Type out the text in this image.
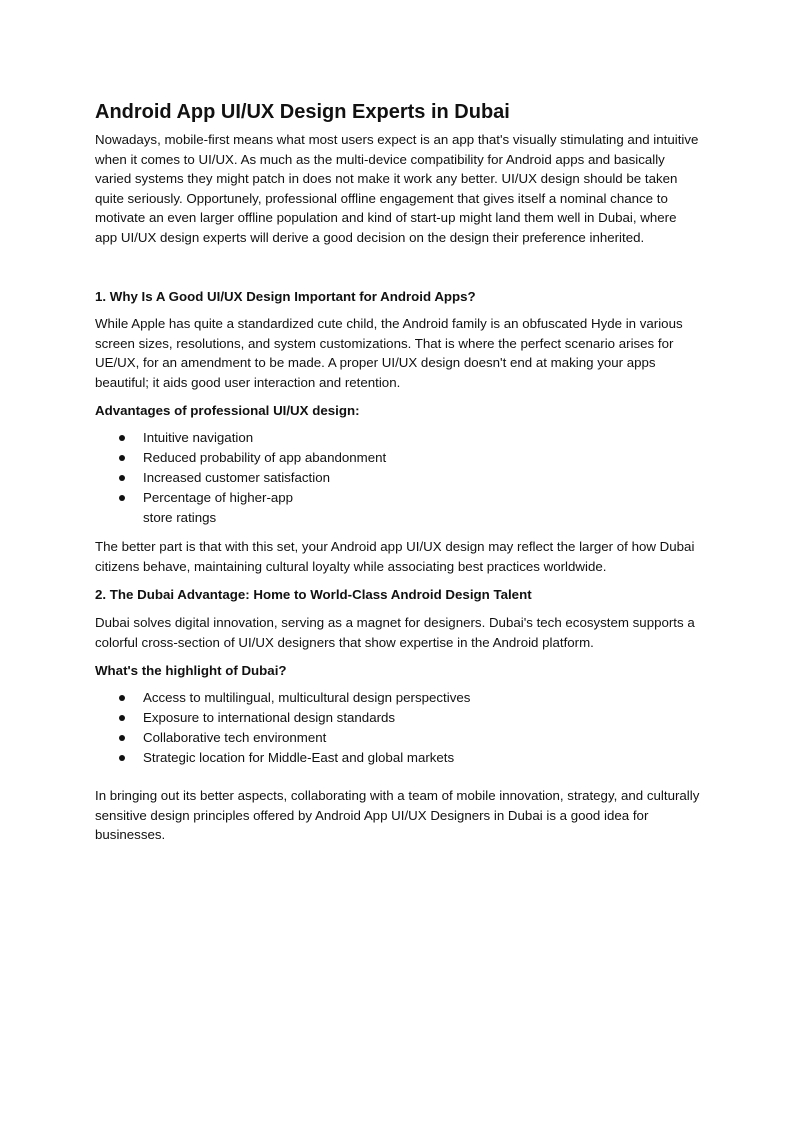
Android App UI/UX Design Experts in Dubai

Nowadays, mobile-first means what most users expect is an app that's visually stimulating and intuitive when it comes to UI/UX. As much as the multi-device compatibility for Android apps and basically varied systems they might patch in does not make it work any better. UI/UX design should be taken quite seriously. Opportunely, professional offline engagement that gives itself a nominal chance to motivate an even larger offline population and kind of start-up might land them well in Dubai, where app UI/UX design experts will derive a good decision on the design their preference inherited.

1. Why Is A Good UI/UX Design Important for Android Apps?

While Apple has quite a standardized cute child, the Android family is an obfuscated Hyde in various screen sizes, resolutions, and system customizations. That is where the perfect scenario arises for UE/UX, for an amendment to be made. A proper UI/UX design doesn't end at making your apps beautiful; it aids good user interaction and retention.

Advantages of professional UI/UX design:
Intuitive navigation
Reduced probability of app abandonment
Increased customer satisfaction
Percentage of higher-app store ratings

The better part is that with this set, your Android app UI/UX design may reflect the larger of how Dubai citizens behave, maintaining cultural loyalty while associating best practices worldwide.

2. The Dubai Advantage: Home to World-Class Android Design Talent

Dubai solves digital innovation, serving as a magnet for designers. Dubai's tech ecosystem supports a colorful cross-section of UI/UX designers that show expertise in the Android platform.

What's the highlight of Dubai?
Access to multilingual, multicultural design perspectives
Exposure to international design standards
Collaborative tech environment
Strategic location for Middle-East and global markets

In bringing out its better aspects, collaborating with a team of mobile innovation, strategy, and culturally sensitive design principles offered by Android App UI/UX Designers in Dubai is a good idea for businesses.
